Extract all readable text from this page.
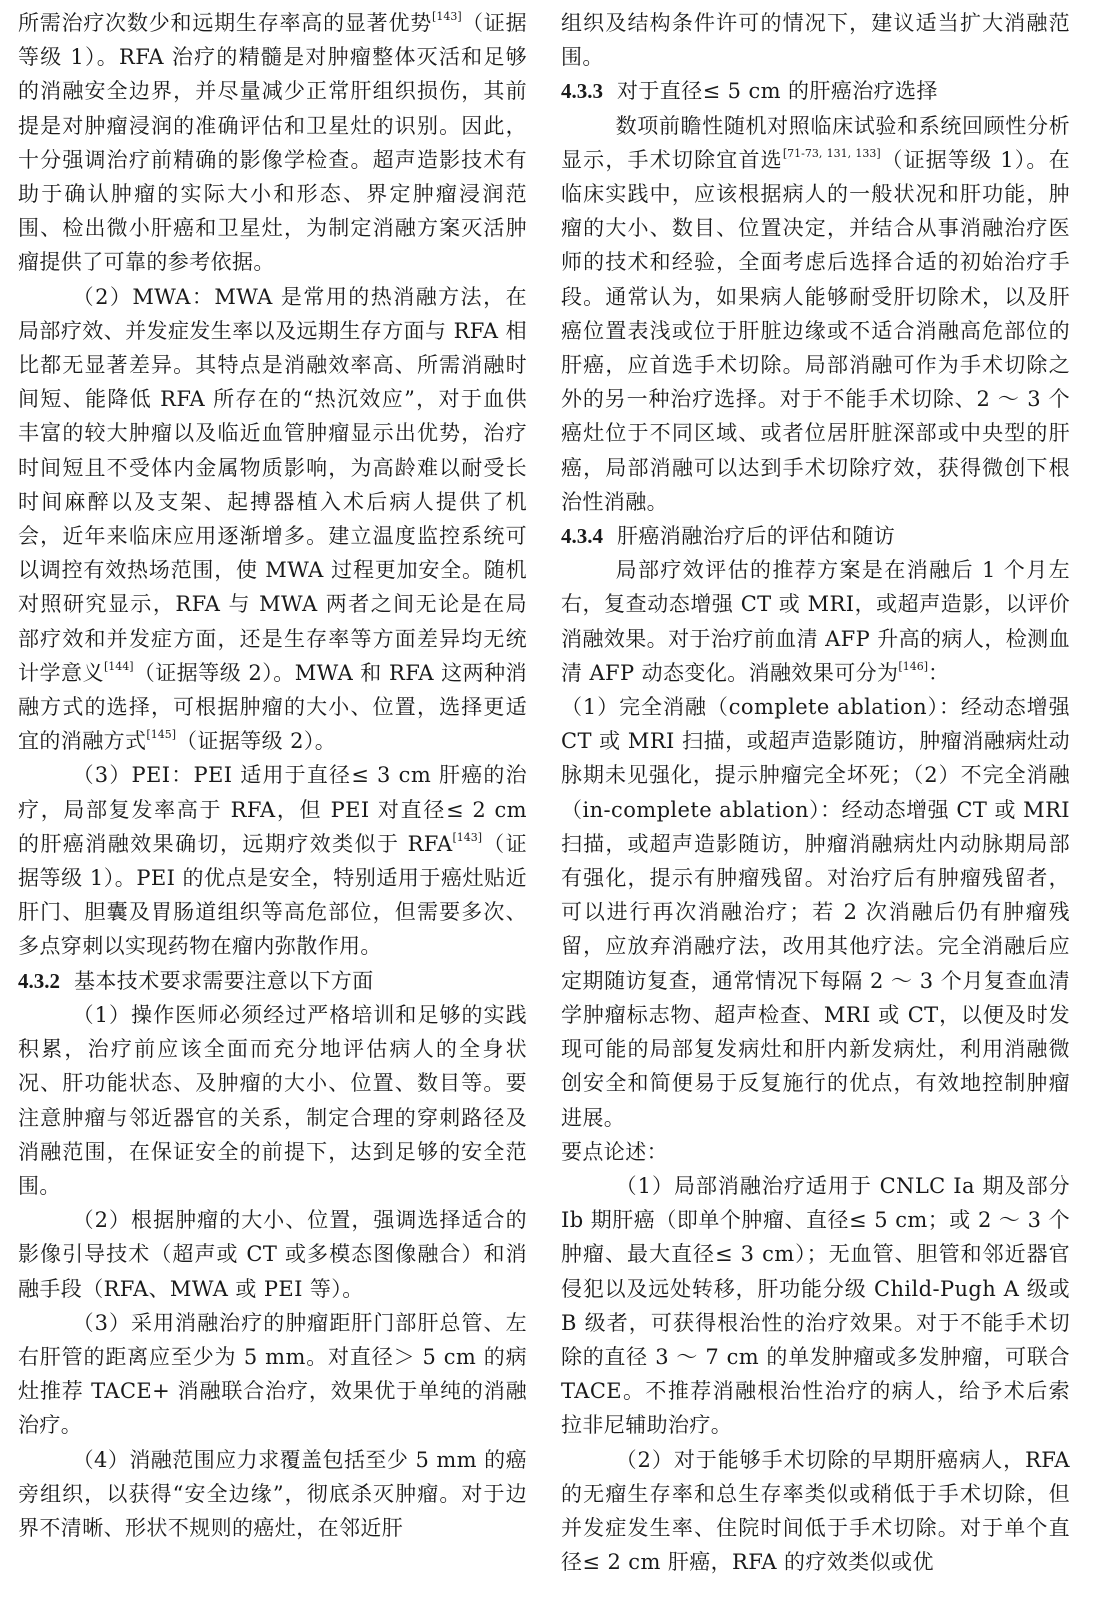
所需治疗次数少和远期生存率高的显著优势[143]（证据等级 1）。RFA 治疗的精髓是对肿瘤整体灭活和足够的消融安全边界，并尽量减少正常肝组织损伤，其前提是对肿瘤浸润的准确评估和卫星灶的识别。因此，十分强调治疗前精确的影像学检查。超声造影技术有助于确认肿瘤的实际大小和形态、界定肿瘤浸润范围、检出微小肝癌和卫星灶，为制定消融方案灭活肿瘤提供了可靠的参考依据。

（2）MWA：MWA 是常用的热消融方法，在局部疗效、并发症发生率以及远期生存方面与 RFA 相比都无显著差异。其特点是消融效率高、所需消融时间短、能降低 RFA 所存在的“热沉效应”，对于血供丰富的较大肿瘤以及临近血管肿瘤显示出优势，治疗时间短且不受体内金属物质影响，为高龄难以耐受长时间麻醉以及支架、起搏器植入术后病人提供了机会，近年来临床应用逐渐增多。建立温度监控系统可以调控有效热场范围，使 MWA 过程更加安全。随机对照研究显示，RFA 与 MWA 两者之间无论是在局部疗效和并发症方面，还是生存率等方面差异均无统计学意义[144]（证据等级 2）。MWA 和 RFA 这两种消融方式的选择，可根据肿瘤的大小、位置，选择更适宜的消融方式[145]（证据等级 2）。

（3）PEI：PEI 适用于直径≤ 3 cm 肝癌的治疗，局部复发率高于 RFA，但 PEI 对直径≤ 2 cm 的肝癌消融效果确切，远期疗效类似于 RFA[143]（证据等级 1）。PEI 的优点是安全，特别适用于癌灶贴近肝门、胆囊及胃肠道组织等高危部位，但需要多次、多点穿刺以实现药物在瘤内弥散作用。

4.3.2 基本技术要求需要注意以下方面

（1）操作医师必须经过严格培训和足够的实践积累，治疗前应该全面而充分地评估病人的全身状况、肝功能状态、及肿瘤的大小、位置、数目等。要注意肿瘤与邻近器官的关系，制定合理的穿刺路径及消融范围，在保证安全的前提下，达到足够的安全范围。

（2）根据肿瘤的大小、位置，强调选择适合的影像引导技术（超声或 CT 或多模态图像融合）和消融手段（RFA、MWA 或 PEI 等）。

（3）采用消融治疗的肿瘤距肝门部肝总管、左右肝管的距离应至少为 5 mm。对直径＞ 5 cm 的病灶推荐 TACE+ 消融联合治疗，效果优于单纯的消融治疗。

（4）消融范围应力求覆盖包括至少 5 mm 的癌旁组织，以获得“安全边缘”，彻底杀灭肿瘤。对于边界不清晰、形状不规则的癌灶，在邻近肝

组织及结构条件许可的情况下，建议适当扩大消融范围。

4.3.3 对于直径≤ 5 cm 的肝癌治疗选择

数项前瞻性随机对照临床试验和系统回顾性分析显示，手术切除宜首选[71-73, 131, 133]（证据等级 1）。在临床实践中，应该根据病人的一般状况和肝功能，肿瘤的大小、数目、位置决定，并结合从事消融治疗医师的技术和经验，全面考虑后选择合适的初始治疗手段。通常认为，如果病人能够耐受肝切除术，以及肝癌位置表浅或位于肝脏边缘或不适合消融高危部位的肝癌，应首选手术切除。局部消融可作为手术切除之外的另一种治疗选择。对于不能手术切除、2 ～ 3 个癌灶位于不同区域、或者位居肝脏深部或中央型的肝癌，局部消融可以达到手术切除疗效，获得微创下根治性消融。

4.3.4 肝癌消融治疗后的评估和随访

局部疗效评估的推荐方案是在消融后 1 个月左右，复查动态增强 CT 或 MRI，或超声造影，以评价消融效果。对于治疗前血清 AFP 升高的病人，检测血清 AFP 动态变化。消融效果可分为[146]：

（1）完全消融（complete ablation）：经动态增强 CT 或 MRI 扫描，或超声造影随访，肿瘤消融病灶动脉期未见强化，提示肿瘤完全坏死；（2）不完全消融（in-complete ablation）：经动态增强 CT 或 MRI 扫描，或超声造影随访，肿瘤消融病灶内动脉期局部有强化，提示有肿瘤残留。对治疗后有肿瘤残留者，可以进行再次消融治疗；若 2 次消融后仍有肿瘤残留，应放弃消融疗法，改用其他疗法。完全消融后应定期随访复查，通常情况下每隔 2 ～ 3 个月复查血清学肿瘤标志物、超声检查、MRI 或 CT，以便及时发现可能的局部复发病灶和肝内新发病灶，利用消融微创安全和简便易于反复施行的优点，有效地控制肿瘤进展。

要点论述：

（1）局部消融治疗适用于 CNLC Ia 期及部分 Ib 期肝癌（即单个肿瘤、直径≤ 5 cm；或 2 ～ 3 个肿瘤、最大直径≤ 3 cm）；无血管、胆管和邻近器官侵犯以及远处转移，肝功能分级 Child-Pugh A 级或 B 级者，可获得根治性的治疗效果。对于不能手术切除的直径 3 ～ 7 cm 的单发肿瘤或多发肿瘤，可联合 TACE。不推荐消融根治性治疗的病人，给予术后索拉非尼辅助治疗。

（2）对于能够手术切除的早期肝癌病人，RFA 的无瘤生存率和总生存率类似或稍低于手术切除，但并发症发生率、住院时间低于手术切除。对于单个直径≤ 2 cm 肝癌，RFA 的疗效类似或优
